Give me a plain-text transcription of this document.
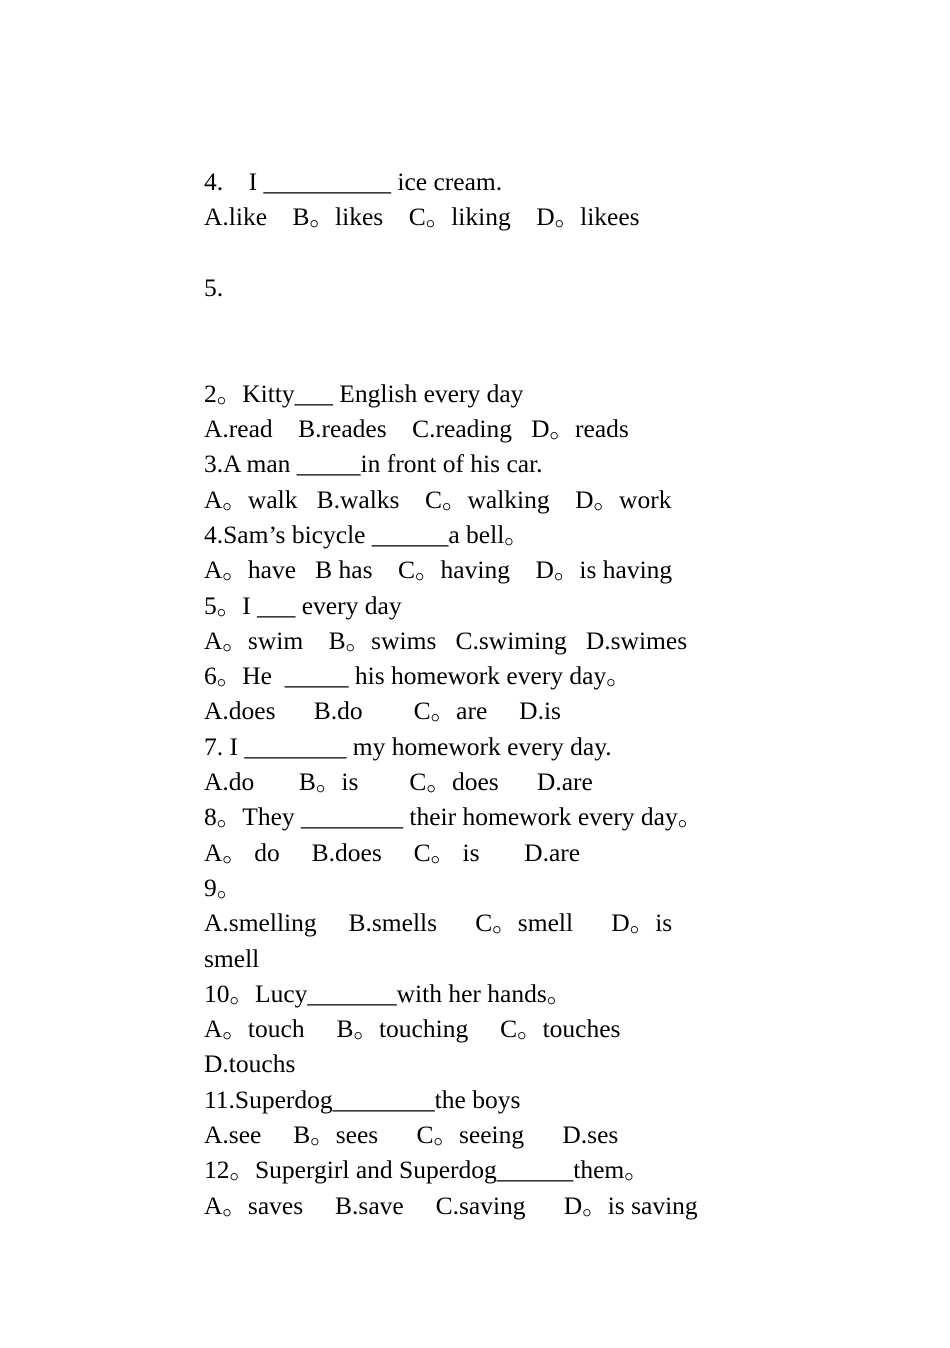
4.    I __________ ice cream.

A.like    B。likes    C。liking    D。likees

5.

2。Kitty___ English every day

A.read    B.reades    C.reading   D。reads

3.A man _____in front of his car.

A。walk   B.walks    C。walking    D。work

4.Sam’s bicycle ______a bell。

A。have   B has    C。having    D。is having

5。I ___ every day

A。swim    B。swims   C.swiming   D.swimes

6。He  _____ his homework every day。

A.does      B.do        C。are     D.is

7. I ________ my homework every day.

A.do       B。is        C。does      D.are

8。They ________ their homework every day。

A。 do     B.does     C。 is       D.are

9。

A.smelling     B.smells      C。smell      D。is

smell

10。Lucy_______with her hands。

A。touch     B。touching     C。touches

D.touchs

11.Superdog________the boys

A.see     B。sees      C。seeing      D.ses

12。Supergirl and Superdog______them。

A。saves     B.save     C.saving      D。is saving
